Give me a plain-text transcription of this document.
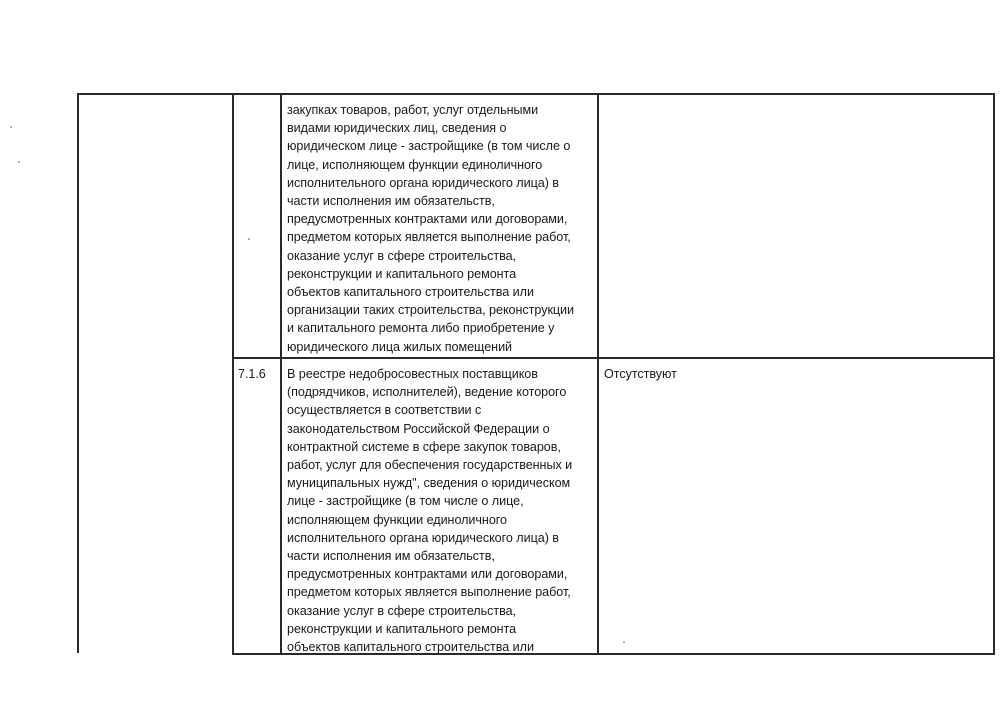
закупках товаров, работ, услуг отдельными
видами юридических лиц, сведения о
юридическом лице - застройщике (в том числе о
лице, исполняющем функции единоличного
исполнительного органа юридического лица) в
части исполнения им обязательств,
предусмотренных контрактами или договорами,
предметом которых является выполнение работ,
оказание услуг в сфере строительства,
реконструкции и капитального ремонта
объектов капитального строительства или
организации таких строительства, реконструкции
и капитального ремонта либо приобретение у
юридического лица жилых помещений
7.1.6	В реестре недобросовестных поставщиков
(подрядчиков, исполнителей), ведение которого
осуществляется в соответствии с
законодательством Российской Федерации о
контрактной системе в сфере закупок товаров,
работ, услуг для обеспечения государственных и
муниципальных нужд", сведения о юридическом
лице - застройщике (в том числе о лице,
исполняющем функции единоличного
исполнительного органа юридического лица) в
части исполнения им обязательств,
предусмотренных контрактами или договорами,
предметом которых является выполнение работ,
оказание услуг в сфере строительства,
реконструкции и капитального ремонта
объектов капитального строительства или
Отсутствуют
